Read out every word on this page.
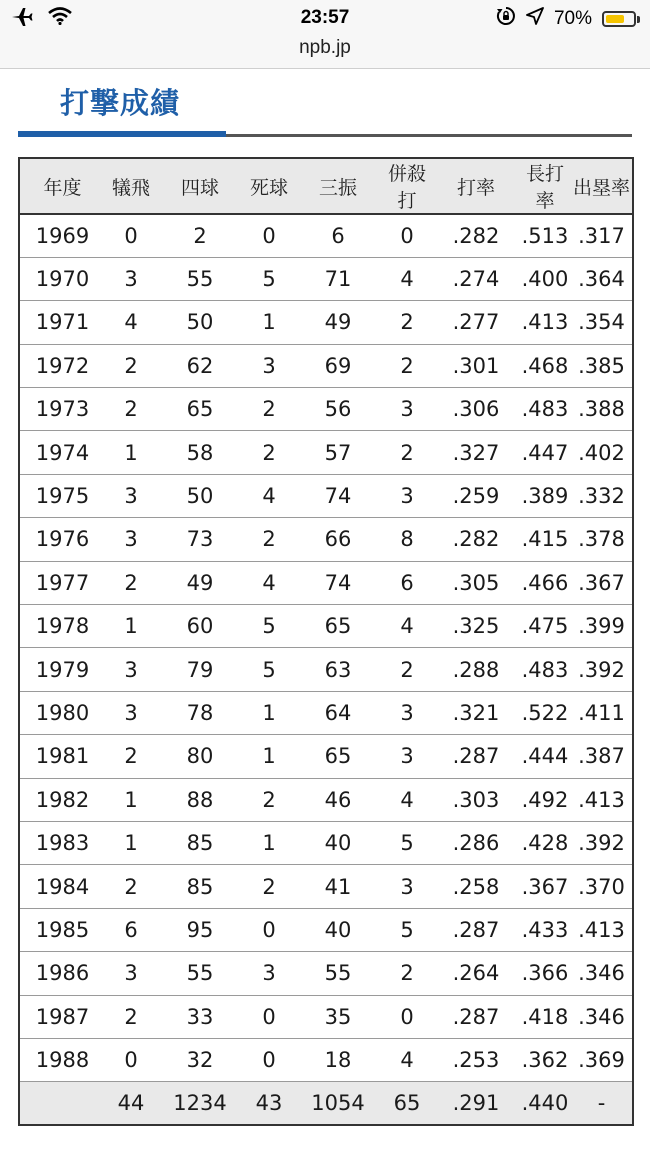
23:57	70%
npb.jp
打撃成績
年度	犠飛	四球	死球	三振	併殺打	打率	長打率	出塁率
1969	0	2	0	6	0	.282	.513	.317
1970	3	55	5	71	4	.274	.400	.364
1971	4	50	1	49	2	.277	.413	.354
1972	2	62	3	69	2	.301	.468	.385
1973	2	65	2	56	3	.306	.483	.388
1974	1	58	2	57	2	.327	.447	.402
1975	3	50	4	74	3	.259	.389	.332
1976	3	73	2	66	8	.282	.415	.378
1977	2	49	4	74	6	.305	.466	.367
1978	1	60	5	65	4	.325	.475	.399
1979	3	79	5	63	2	.288	.483	.392
1980	3	78	1	64	3	.321	.522	.411
1981	2	80	1	65	3	.287	.444	.387
1982	1	88	2	46	4	.303	.492	.413
1983	1	85	1	40	5	.286	.428	.392
1984	2	85	2	41	3	.258	.367	.370
1985	6	95	0	40	5	.287	.433	.413
1986	3	55	3	55	2	.264	.366	.346
1987	2	33	0	35	0	.287	.418	.346
1988	0	32	0	18	4	.253	.362	.369
	44	1234	43	1054	65	.291	.440	-
